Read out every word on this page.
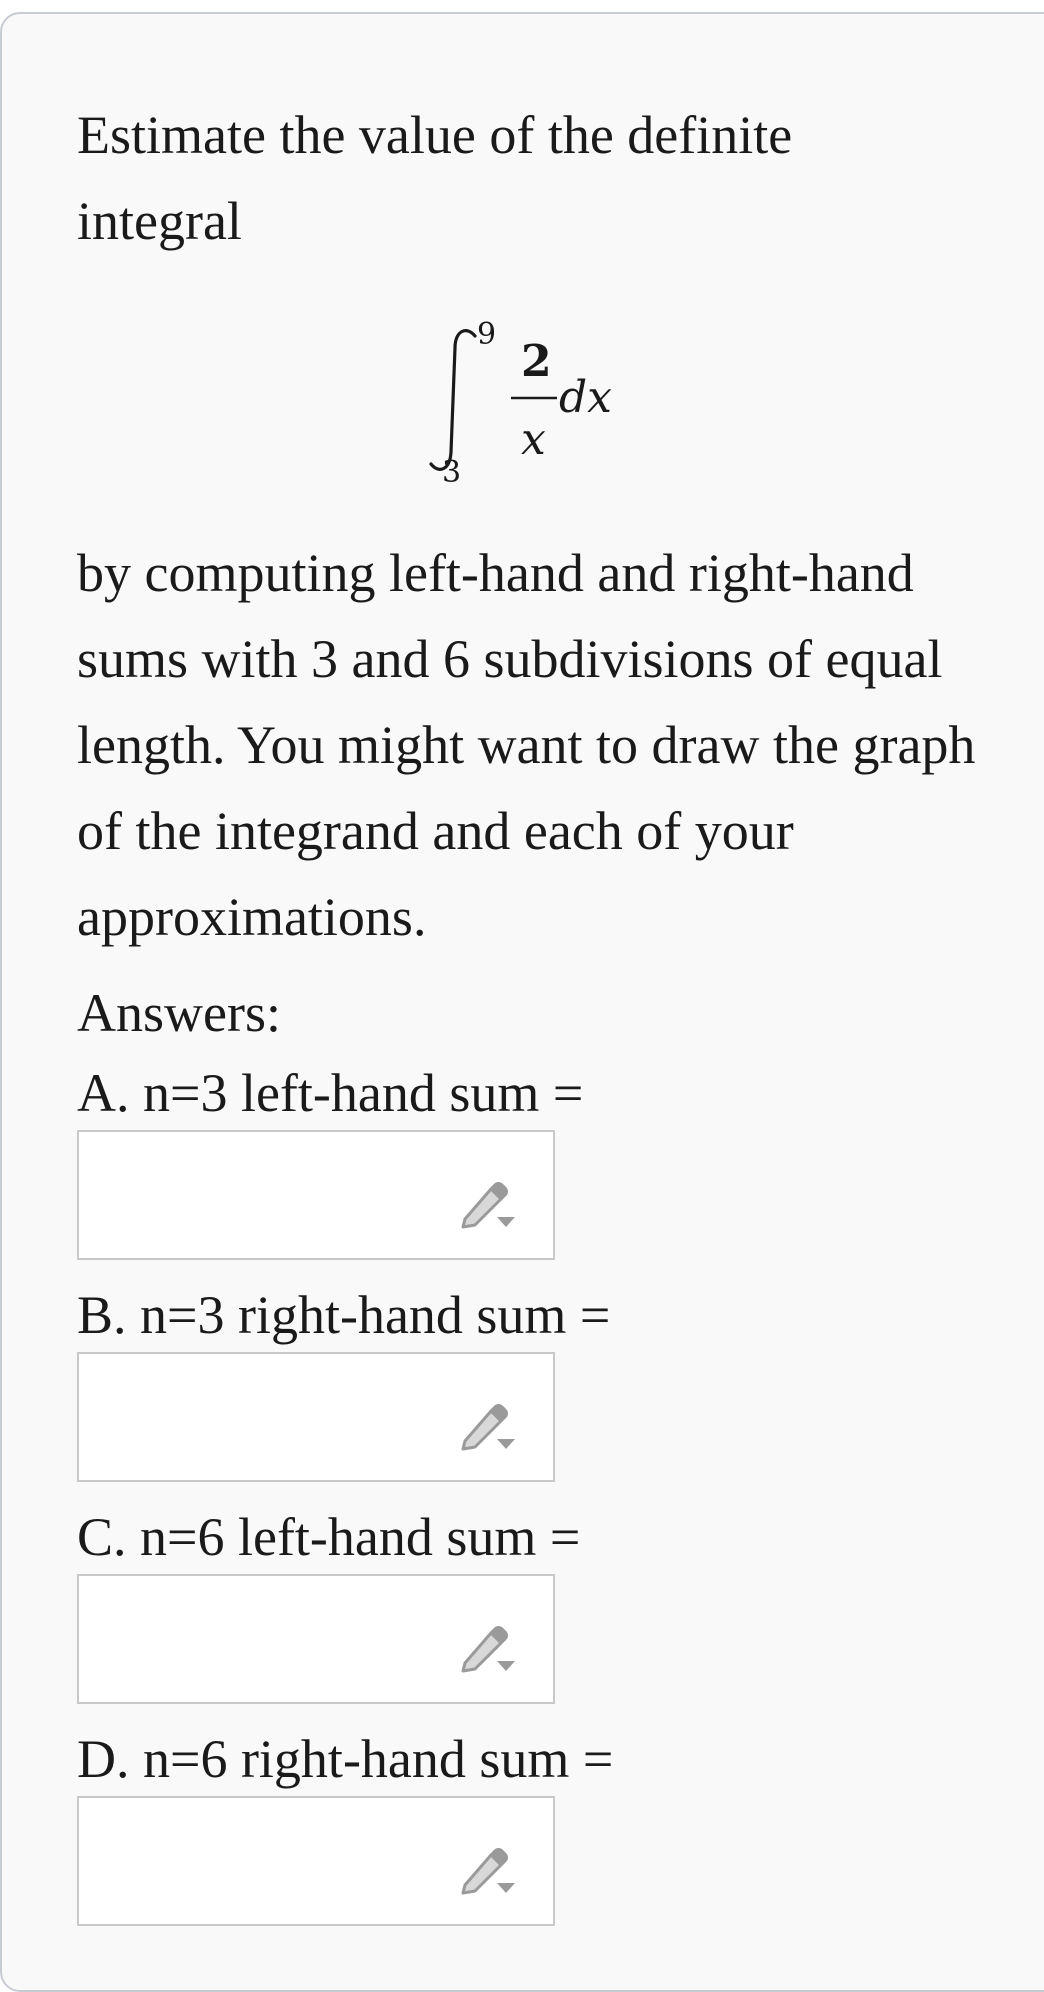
Estimate the value of the definite integral

9
3
2
x
dx

by computing left-hand and right-hand sums with 3 and 6 subdivisions of equal length. You might want to draw the graph of the integrand and each of your approximations.

Answers:

A. n=3 left-hand sum =

B. n=3 right-hand sum =

C. n=6 left-hand sum =

D. n=6 right-hand sum =
